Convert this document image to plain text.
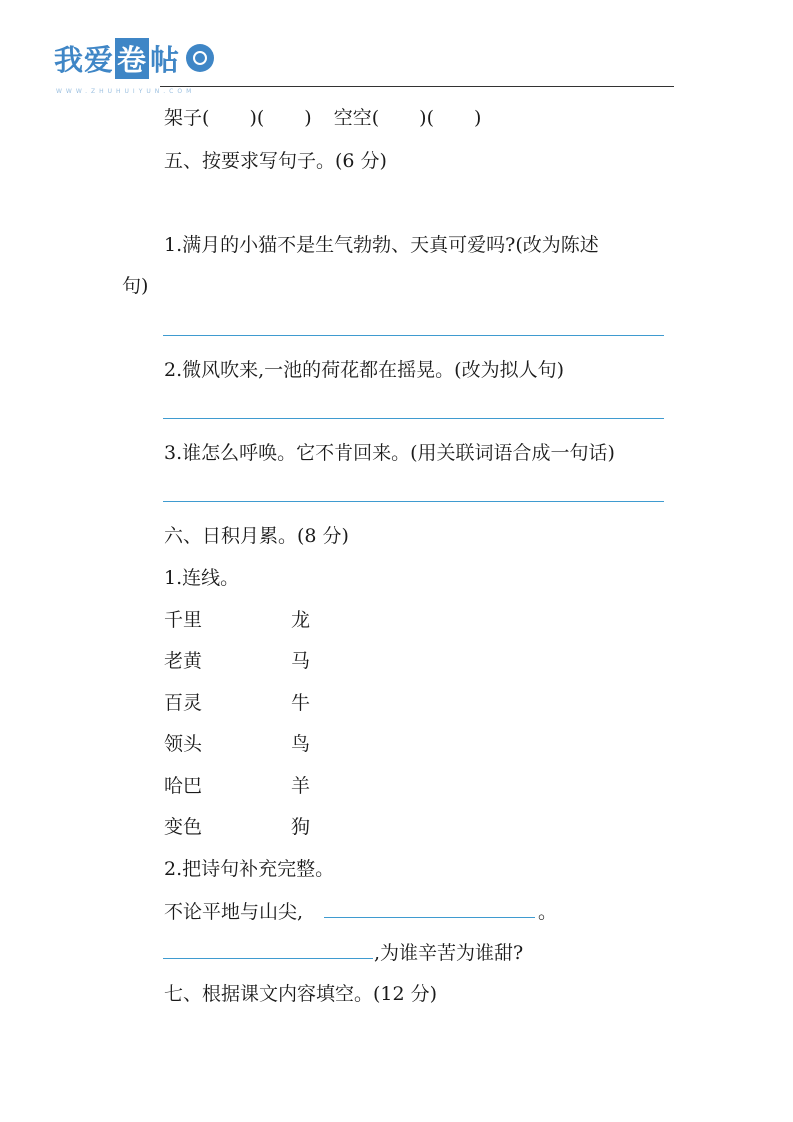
我爱 卷 帖
WWW.ZHUHUIYUN.COM
架子( )( ) 空空( )( )
五、按要求写句子。(6 分)
1.满月的小猫不是生气勃勃、天真可爱吗?(改为陈述
句)
2.微风吹来,一池的荷花都在摇晃。(改为拟人句)
3.谁怎么呼唤。它不肯回来。(用关联词语合成一句话)
六、日积月累。(8 分)
1.连线。
千里	龙
老黄	马
百灵	牛
领头	鸟
哈巴	羊
变色	狗
2.把诗句补充完整。
不论平地与山尖,	。
,为谁辛苦为谁甜?
七、根据课文内容填空。(12 分)
